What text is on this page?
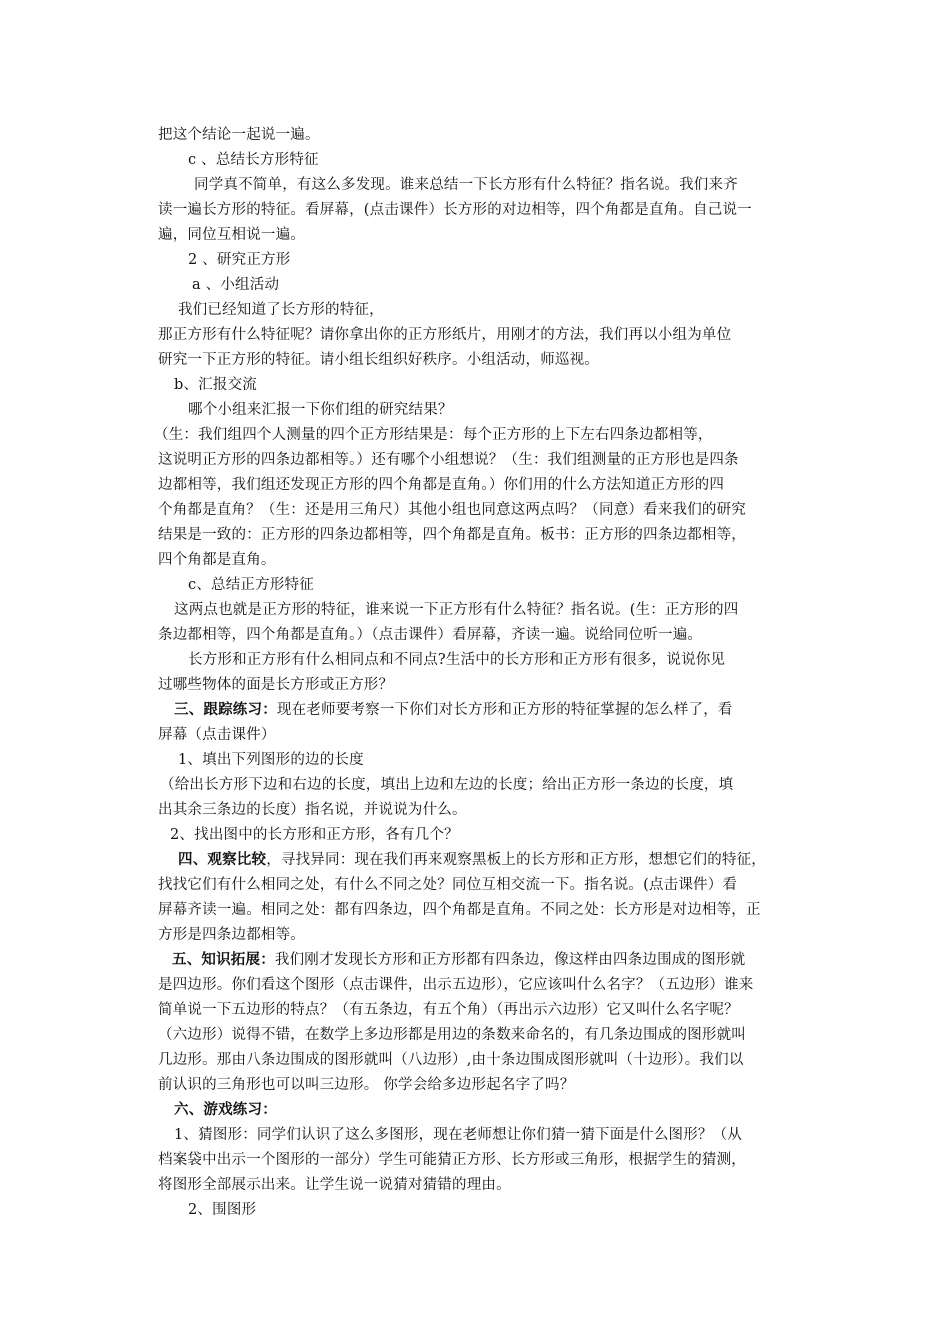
把这个结论一起说一遍。
c 、总结长方形特征
同学真不简单，有这么多发现。谁来总结一下长方形有什么特征？指名说。我们来齐
读一遍长方形的特征。看屏幕，(点击课件）长方形的对边相等，四个角都是直角。自己说一
遍，同位互相说一遍。
2 、研究正方形
a 、小组活动
我们已经知道了长方形的特征，
那正方形有什么特征呢？请你拿出你的正方形纸片，用刚才的方法，我们再以小组为单位
研究一下正方形的特征。请小组长组织好秩序。小组活动，师巡视。
b、汇报交流
哪个小组来汇报一下你们组的研究结果？
（生：我们组四个人测量的四个正方形结果是：每个正方形的上下左右四条边都相等，
这说明正方形的四条边都相等。）还有哪个小组想说？（生：我们组测量的正方形也是四条
边都相等，我们组还发现正方形的四个角都是直角。）你们用的什么方法知道正方形的四
个角都是直角？（生：还是用三角尺）其他小组也同意这两点吗？（同意）看来我们的研究
结果是一致的：正方形的四条边都相等，四个角都是直角。板书：正方形的四条边都相等，
四个角都是直角。
c、总结正方形特征
这两点也就是正方形的特征，谁来说一下正方形有什么特征？指名说。(生：正方形的四
条边都相等，四个角都是直角。）（点击课件）看屏幕，齐读一遍。说给同位听一遍。
长方形和正方形有什么相同点和不同点?生活中的长方形和正方形有很多，说说你见
过哪些物体的面是长方形或正方形？
三、跟踪练习：现在老师要考察一下你们对长方形和正方形的特征掌握的怎么样了，看
屏幕（点击课件）
1、填出下列图形的边的长度
（给出长方形下边和右边的长度，填出上边和左边的长度；给出正方形一条边的长度，填
出其余三条边的长度）指名说，并说说为什么。
2、找出图中的长方形和正方形，各有几个？
四、观察比较，寻找异同：现在我们再来观察黑板上的长方形和正方形，想想它们的特征，
找找它们有什么相同之处，有什么不同之处？同位互相交流一下。指名说。(点击课件）看
屏幕齐读一遍。相同之处：都有四条边，四个角都是直角。不同之处：长方形是对边相等，正
方形是四条边都相等。
五、知识拓展：我们刚才发现长方形和正方形都有四条边，像这样由四条边围成的图形就
是四边形。你们看这个图形（点击课件，出示五边形），它应该叫什么名字？（五边形）谁来
简单说一下五边形的特点？（有五条边，有五个角）（再出示六边形）它又叫什么名字呢？
（六边形）说得不错，在数学上多边形都是用边的条数来命名的，有几条边围成的图形就叫
几边形。那由八条边围成的图形就叫（八边形）,由十条边围成图形就叫（十边形）。我们以
前认识的三角形也可以叫三边形。 你学会给多边形起名字了吗？
六、游戏练习：
1、猜图形：同学们认识了这么多图形，现在老师想让你们猜一猜下面是什么图形？（从
档案袋中出示一个图形的一部分）学生可能猜正方形、长方形或三角形，根据学生的猜测，
将图形全部展示出来。让学生说一说猜对猜错的理由。
2、围图形
